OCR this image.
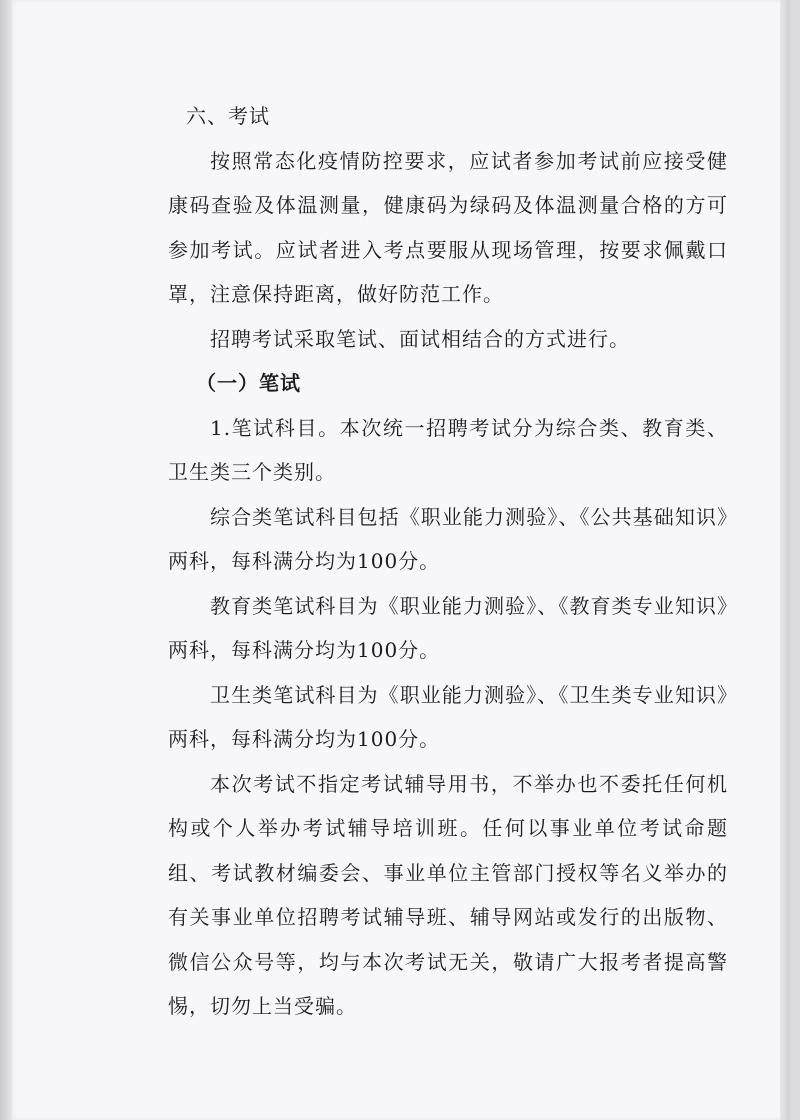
六、考试

按照常态化疫情防控要求，应试者参加考试前应接受健康码查验及体温测量，健康码为绿码及体温测量合格的方可参加考试。应试者进入考点要服从现场管理，按要求佩戴口罩，注意保持距离，做好防范工作。

招聘考试采取笔试、面试相结合的方式进行。

（一）笔试

1.笔试科目。本次统一招聘考试分为综合类、教育类、卫生类三个类别。

综合类笔试科目包括《职业能力测验》、《公共基础知识》两科，每科满分均为100分。

教育类笔试科目为《职业能力测验》、《教育类专业知识》两科，每科满分均为100分。

卫生类笔试科目为《职业能力测验》、《卫生类专业知识》两科，每科满分均为100分。

本次考试不指定考试辅导用书，不举办也不委托任何机构或个人举办考试辅导培训班。任何以事业单位考试命题组、考试教材编委会、事业单位主管部门授权等名义举办的有关事业单位招聘考试辅导班、辅导网站或发行的出版物、微信公众号等，均与本次考试无关，敬请广大报考者提高警惕，切勿上当受骗。
